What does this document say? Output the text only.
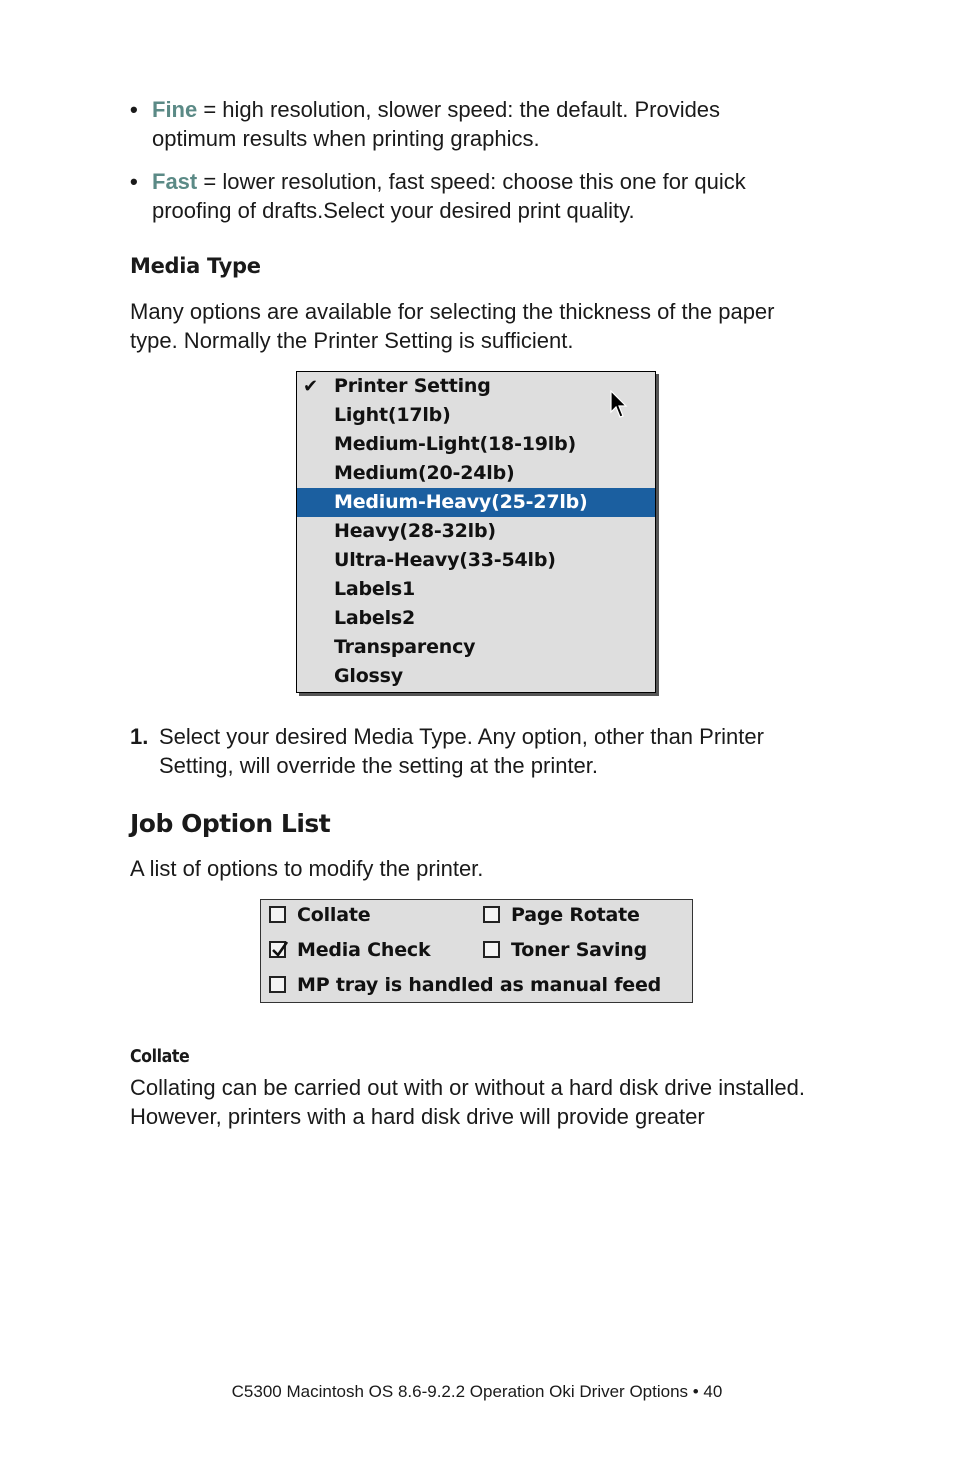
• Fine = high resolution, slower speed: the default. Provides
optimum results when printing graphics.
• Fast = lower resolution, fast speed: choose this one for quick
proofing of drafts.Select your desired print quality.
Media Type
Many options are available for selecting the thickness of the paper
type. Normally the Printer Setting is sufficient.
✔ Printer Setting
Light(17lb)
Medium-Light(18-19lb)
Medium(20-24lb)
Medium-Heavy(25-27lb)
Heavy(28-32lb)
Ultra-Heavy(33-54lb)
Labels1
Labels2
Transparency
Glossy
1. Select your desired Media Type. Any option, other than Printer
Setting, will override the setting at the printer.
Job Option List
A list of options to modify the printer.
Collate	Page Rotate
Media Check	Toner Saving
MP tray is handled as manual feed
Collate
Collating can be carried out with or without a hard disk drive installed.
However, printers with a hard disk drive will provide greater
C5300 Macintosh OS 8.6-9.2.2 Operation Oki Driver Options • 40
